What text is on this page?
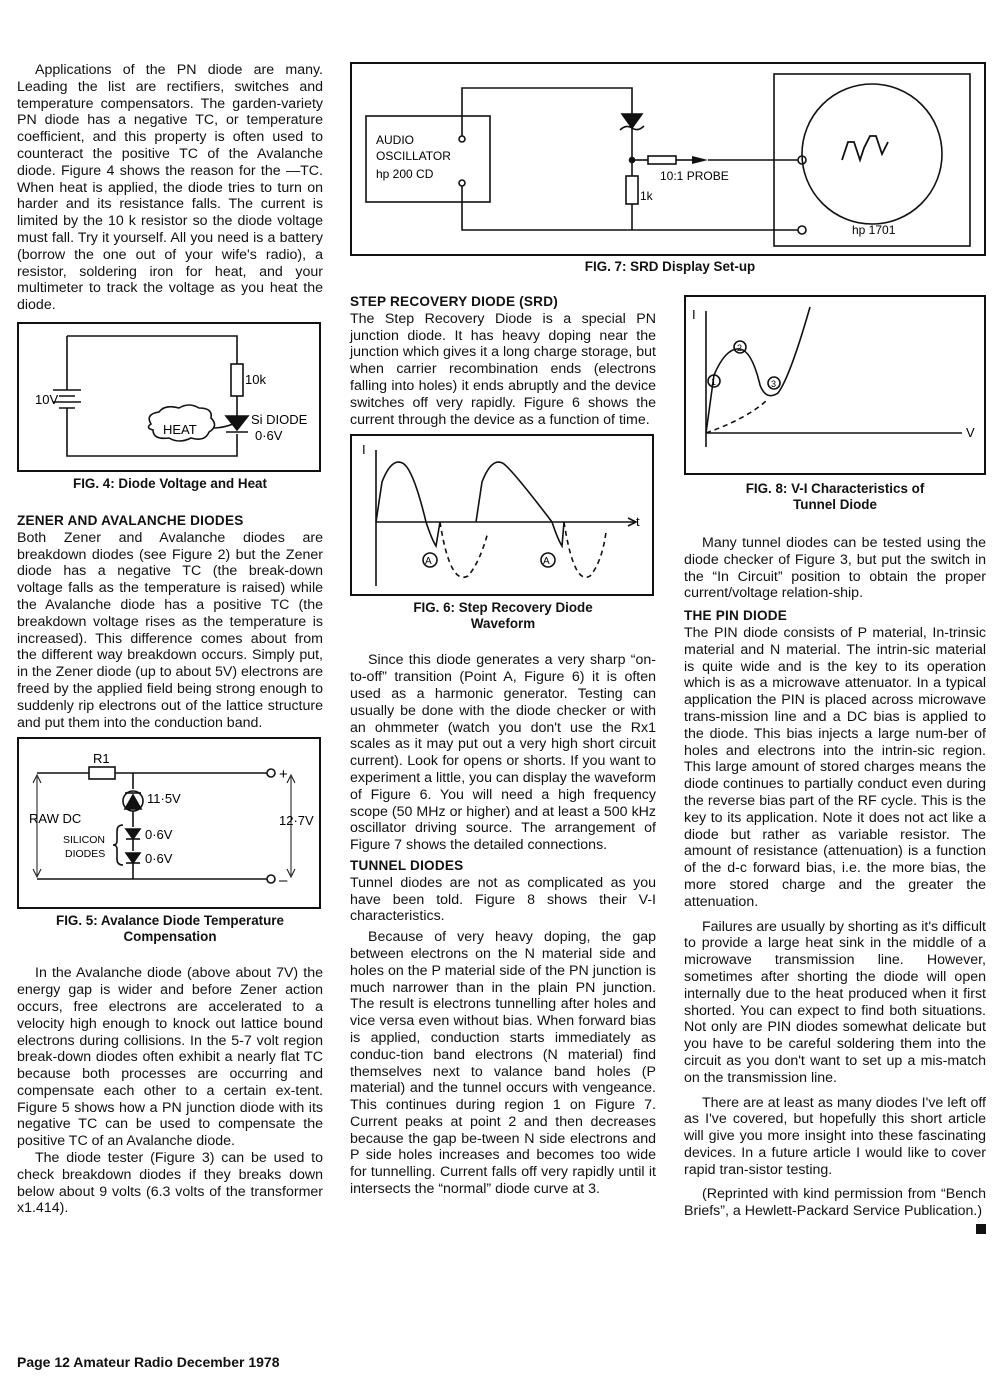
Applications of the PN diode are many. Leading the list are rectifiers, switches and temperature compensators. The garden-variety PN diode has a negative TC, or temperature coefficient, and this property is often used to counteract the positive TC of the Avalanche diode. Figure 4 shows the reason for the —TC. When heat is applied, the diode tries to turn on harder and its resistance falls. The current is limited by the 10 k resistor so the diode voltage must fall. Try it yourself. All you need is a battery (borrow the one out of your wife's radio), a resistor, soldering iron for heat, and your multimeter to track the voltage as you heat the diode.

10V
10k
Si DIODE
0·6V
HEAT
FIG. 4: Diode Voltage and Heat
ZENER AND AVALANCHE DIODES

Both Zener and Avalanche diodes are breakdown diodes (see Figure 2) but the Zener diode has a negative TC (the break-down voltage falls as the temperature is raised) while the Avalanche diode has a positive TC (the breakdown voltage rises as the temperature is increased). This difference comes about from the different way breakdown occurs. Simply put, in the Zener diode (up to about 5V) electrons are freed by the applied field being strong enough to suddenly rip electrons out of the lattice structure and put them into the conduction band.

R1
11·5V
RAW DC
SILICON
DIODES
0·6V
0·6V
12·7V
+
–
FIG. 5: Avalance Diode Temperature Compensation

In the Avalanche diode (above about 7V) the energy gap is wider and before Zener action occurs, free electrons are accelerated to a velocity high enough to knock out lattice bound electrons during collisions. In the 5-7 volt region break-down diodes often exhibit a nearly flat TC because both processes are occurring and compensate each other to a certain ex-tent. Figure 5 shows how a PN junction diode with its negative TC can be used to compensate the positive TC of an Avalanche diode.

The diode tester (Figure 3) can be used to check breakdown diodes if they breaks down below about 9 volts (6.3 volts of the transformer x1.414).

AUDIO
OSCILLATOR
hp 200 CD	10:1 PROBE
1k
hp 1701
FIG. 7: SRD Display Set-up
STEP RECOVERY DIODE (SRD)

The Step Recovery Diode is a special PN junction diode. It has heavy doping near the junction which gives it a long charge storage, but when carrier recombination ends (electrons falling into holes) it ends abruptly and the device switches off very rapidly. Figure 6 shows the current through the device as a function of time.

I
t
A	A
FIG. 6: Step Recovery Diode Waveform

Since this diode generates a very sharp “on-to-off” transition (Point A, Figure 6) it is often used as a harmonic generator. Testing can usually be done with the diode checker or with an ohmmeter (watch you don't use the Rx1 scales as it may put out a very high short circuit current). Look for opens or shorts. If you want to experiment a little, you can display the waveform of Figure 6. You will need a high frequency scope (50 MHz or higher) and at least a 500 kHz oscillator driving source. The arrangement of Figure 7 shows the detailed connections.

TUNNEL DIODES

Tunnel diodes are not as complicated as you have been told. Figure 8 shows their V-I characteristics.

Because of very heavy doping, the gap between electrons on the N material side and holes on the P material side of the PN junction is much narrower than in the plain PN junction. The result is electrons tunnelling after holes and vice versa even without bias. When forward bias is applied, conduction starts immediately as conduc-tion band electrons (N material) find themselves next to valance band holes (P material) and the tunnel occurs with vengeance. This continues during region 1 on Figure 7. Current peaks at point 2 and then decreases because the gap be-tween N side electrons and P side holes increases and becomes too wide for tunnelling. Current falls off very rapidly until it intersects the “normal” diode curve at 3.

I
V
1
2
3
FIG. 8: V-I Characteristics of Tunnel Diode

Many tunnel diodes can be tested using the diode checker of Figure 3, but put the switch in the “In Circuit” position to obtain the proper current/voltage relation-ship.

THE PIN DIODE

The PIN diode consists of P material, In-trinsic material and N material. The intrin-sic material is quite wide and is the key to its operation which is as a microwave attenuator. In a typical application the PIN is placed across microwave trans-mission line and a DC bias is applied to the diode. This bias injects a large num-ber of holes and electrons into the intrin-sic region. This large amount of stored charges means the diode continues to partially conduct even during the reverse bias part of the RF cycle. This is the key to its application. Note it does not act like a diode but rather as variable resistor. The amount of resistance (attenuation) is a function of the d-c forward bias, i.e. the more bias, the more stored charge and the greater the attenuation.

Failures are usually by shorting as it's difficult to provide a large heat sink in the middle of a microwave transmission line. However, sometimes after shorting the diode will open internally due to the heat produced when it first shorted. You can expect to find both situations. Not only are PIN diodes somewhat delicate but you have to be careful soldering them into the circuit as you don't want to set up a mis-match on the transmission line.

There are at least as many diodes I've left off as I've covered, but hopefully this short article will give you more insight into these fascinating devices. In a future article I would like to cover rapid tran-sistor testing.

(Reprinted with kind permission from “Bench Briefs”, a Hewlett-Packard Service Publication.)

Page 12 Amateur Radio December 1978
